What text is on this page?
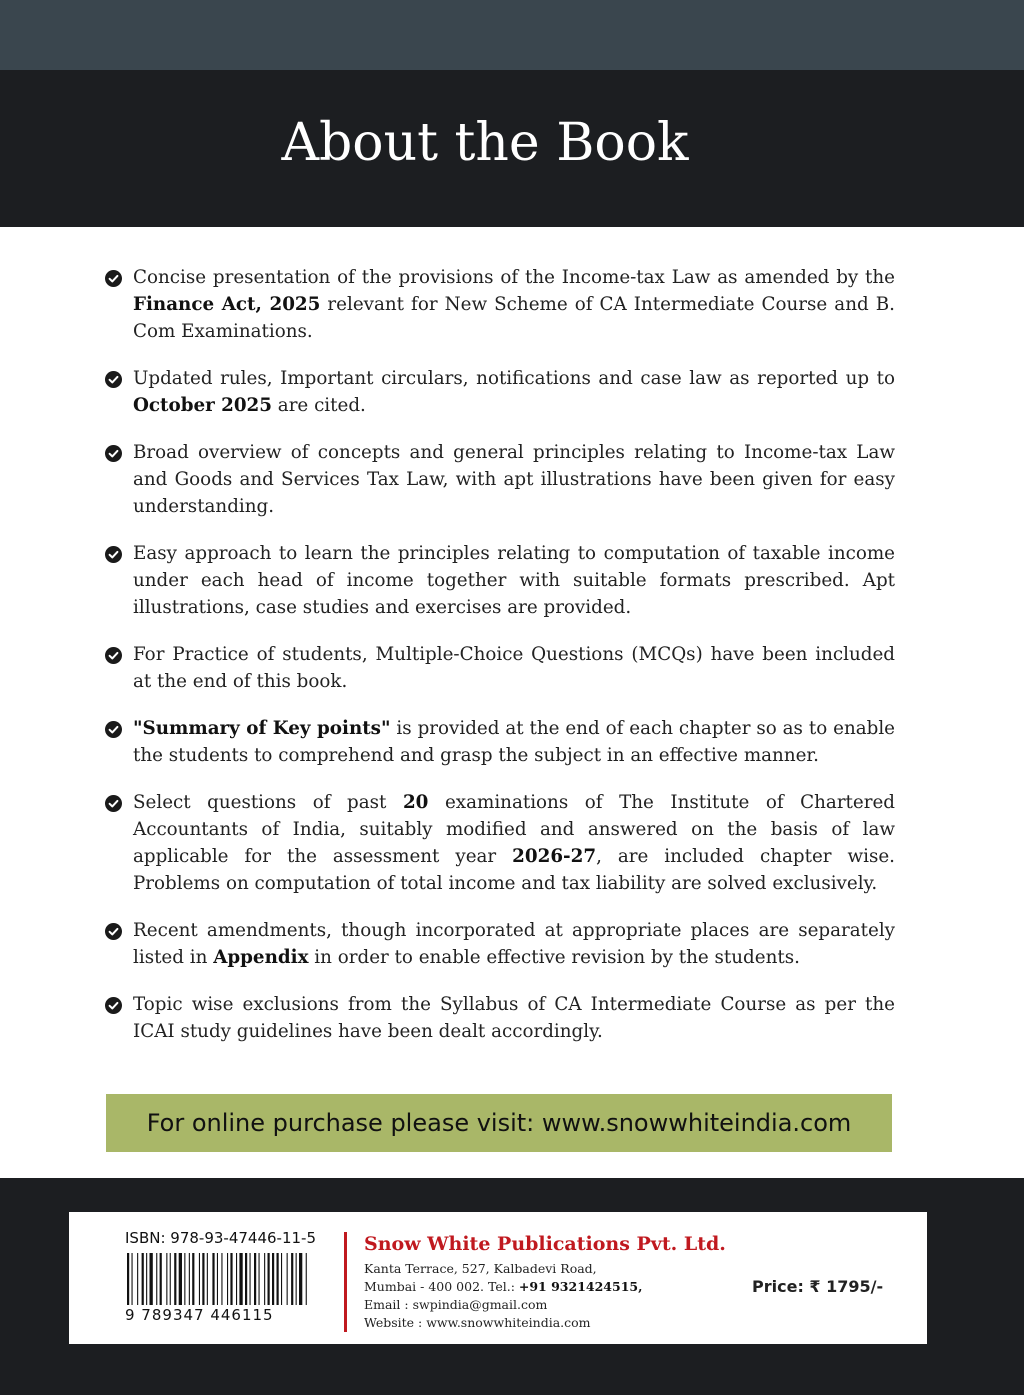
About the Book
Concise presentation of the provisions of the Income-tax Law as amended by the Finance Act, 2025 relevant for New Scheme of CA Intermediate Course and B. Com Examinations.
Updated rules, Important circulars, notifications and case law as reported up to October 2025 are cited.
Broad overview of concepts and general principles relating to Income-tax Law and Goods and Services Tax Law, with apt illustrations have been given for easy understanding.
Easy approach to learn the principles relating to computation of taxable income under each head of income together with suitable formats prescribed. Apt illustrations, case studies and exercises are provided.
For Practice of students, Multiple-Choice Questions (MCQs) have been included at the end of this book.
"Summary of Key points" is provided at the end of each chapter so as to enable the students to comprehend and grasp the subject in an effective manner.
Select questions of past 20 examinations of The Institute of Chartered Accountants of India, suitably modified and answered on the basis of law applicable for the assessment year 2026-27, are included chapter wise. Problems on computation of total income and tax liability are solved exclusively.
Recent amendments, though incorporated at appropriate places are separately listed in Appendix in order to enable effective revision by the students.
Topic wise exclusions from the Syllabus of CA Intermediate Course as per the ICAI study guidelines have been dealt accordingly.
For online purchase please visit: www.snowwhiteindia.com
ISBN: 978-93-47446-11-5
9 789347 446115
Snow White Publications Pvt. Ltd.
Kanta Terrace, 527, Kalbadevi Road,
Mumbai - 400 002. Tel.: +91 9321424515,
Email : swpindia@gmail.com
Website : www.snowwhiteindia.com
Price: ₹ 1795/-
